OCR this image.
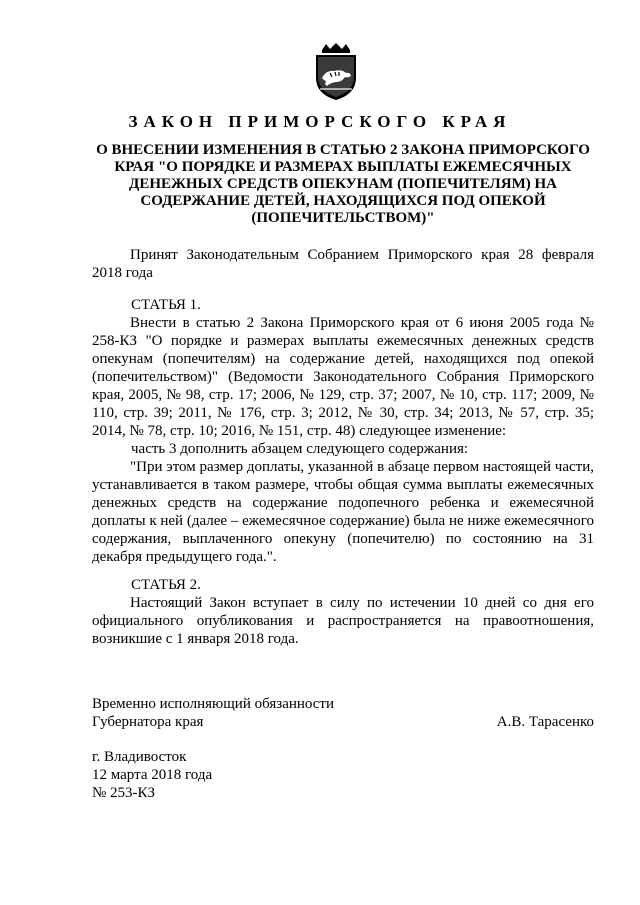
ЗАКОН ПРИМОРСКОГО КРАЯ
О ВНЕСЕНИИ ИЗМЕНЕНИЯ В СТАТЬЮ 2 ЗАКОНА ПРИМОРСКОГО КРАЯ "О ПОРЯДКЕ И РАЗМЕРАХ ВЫПЛАТЫ ЕЖЕМЕСЯЧНЫХ ДЕНЕЖНЫХ СРЕДСТВ ОПЕКУНАМ (ПОПЕЧИТЕЛЯМ) НА СОДЕРЖАНИЕ ДЕТЕЙ, НАХОДЯЩИХСЯ ПОД ОПЕКОЙ (ПОПЕЧИТЕЛЬСТВОМ)"
Принят Законодательным Собранием Приморского края 28 февраля 2018 года
СТАТЬЯ 1.
Внести в статью 2 Закона Приморского края от 6 июня 2005 года № 258-КЗ "О порядке и размерах выплаты ежемесячных денежных средств опекунам (попечителям) на содержание детей, находящихся под опекой (попечительством)" (Ведомости Законодательного Собрания Приморского края, 2005, № 98, стр. 17; 2006, № 129, стр. 37; 2007, № 10, стр. 117; 2009, № 110, стр. 39; 2011, № 176, стр. 3; 2012, № 30, стр. 34; 2013, № 57, стр. 35; 2014, № 78, стр. 10; 2016, № 151, стр. 48) следующее изменение:
часть 3 дополнить абзацем следующего содержания:
"При этом размер доплаты, указанной в абзаце первом настоящей части, устанавливается в таком размере, чтобы общая сумма выплаты ежемесячных денежных средств на содержание подопечного ребенка и ежемесячной доплаты к ней (далее – ежемесячное содержание) была не ниже ежемесячного содержания, выплаченного опекуну (попечителю) по состоянию на 31 декабря предыдущего года.".
СТАТЬЯ 2.
Настоящий Закон вступает в силу по истечении 10 дней со дня его официального опубликования и распространяется на правоотношения, возникшие с 1 января 2018 года.
Временно исполняющий обязанности
Губернатора края	А.В. Тарасенко
г. Владивосток
12 марта 2018 года
№ 253-КЗ
